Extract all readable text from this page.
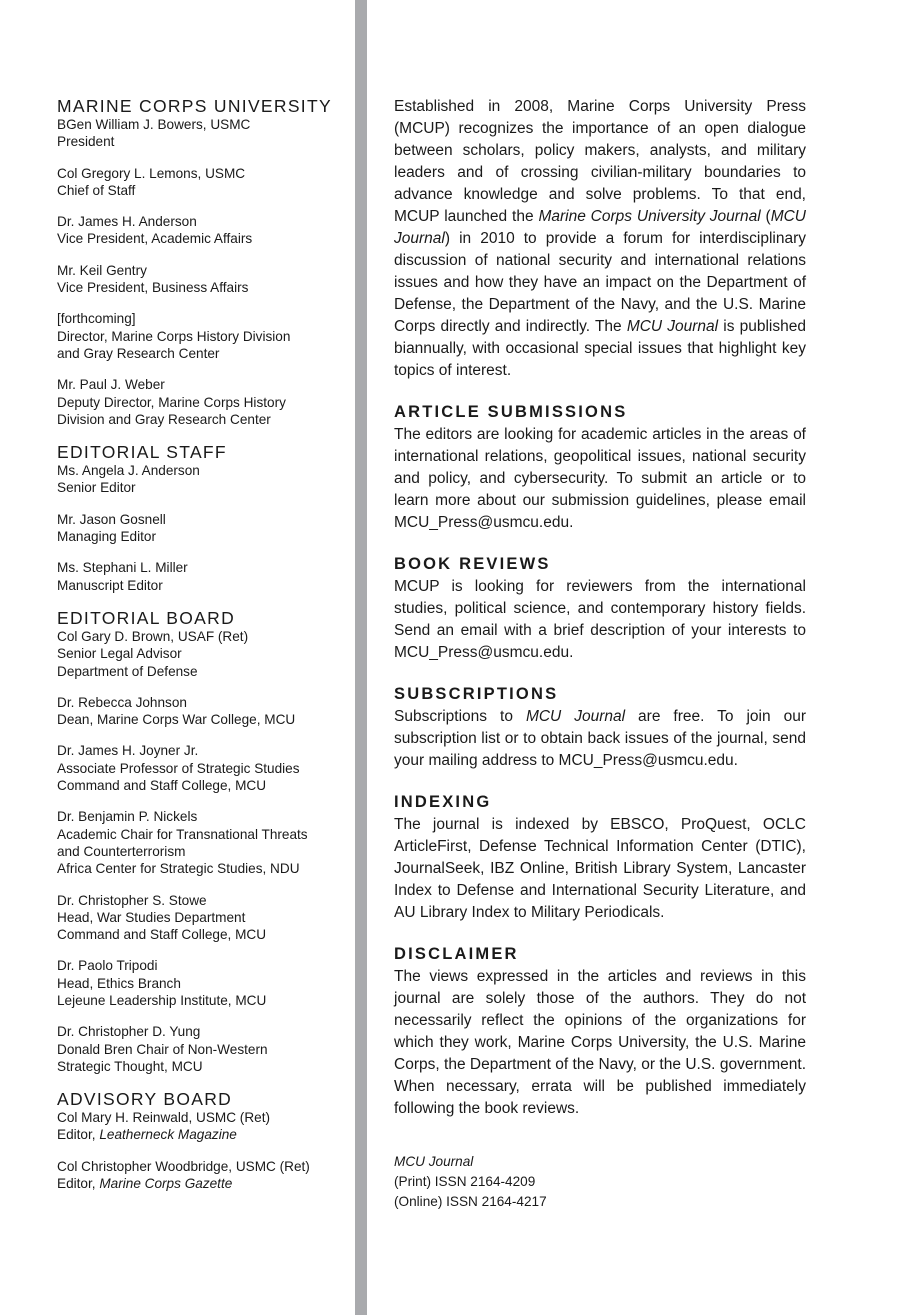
MARINE CORPS UNIVERSITY
BGen William J. Bowers, USMC
President
Col Gregory L. Lemons, USMC
Chief of Staff
Dr. James H. Anderson
Vice President, Academic Affairs
Mr. Keil Gentry
Vice President, Business Affairs
[forthcoming]
Director, Marine Corps History Division
and Gray Research Center
Mr. Paul J. Weber
Deputy Director, Marine Corps History
Division and Gray Research Center
EDITORIAL STAFF
Ms. Angela J. Anderson
Senior Editor
Mr. Jason Gosnell
Managing Editor
Ms. Stephani L. Miller
Manuscript Editor
EDITORIAL BOARD
Col Gary D. Brown, USAF (Ret)
Senior Legal Advisor
Department of Defense
Dr. Rebecca Johnson
Dean, Marine Corps War College, MCU
Dr. James H. Joyner Jr.
Associate Professor of Strategic Studies
Command and Staff College, MCU
Dr. Benjamin P. Nickels
Academic Chair for Transnational Threats
and Counterterrorism
Africa Center for Strategic Studies, NDU
Dr. Christopher S. Stowe
Head, War Studies Department
Command and Staff College, MCU
Dr. Paolo Tripodi
Head, Ethics Branch
Lejeune Leadership Institute, MCU
Dr. Christopher D. Yung
Donald Bren Chair of Non-Western
Strategic Thought, MCU
ADVISORY BOARD
Col Mary H. Reinwald, USMC (Ret)
Editor, Leatherneck Magazine
Col Christopher Woodbridge, USMC (Ret)
Editor, Marine Corps Gazette

Established in 2008, Marine Corps University Press (MCUP) recognizes the importance of an open dialogue between scholars, policy makers, analysts, and military leaders and of crossing civilian-military boundaries to advance knowledge and solve problems. To that end, MCUP launched the Marine Corps University Journal (MCU Journal) in 2010 to provide a forum for interdisciplinary discussion of national security and international relations issues and how they have an impact on the Department of Defense, the Department of the Navy, and the U.S. Marine Corps directly and indirectly. The MCU Journal is published biannually, with occasional special issues that highlight key topics of interest.

ARTICLE SUBMISSIONS

The editors are looking for academic articles in the areas of international relations, geopolitical issues, national security and policy, and cybersecurity. To submit an article or to learn more about our submission guidelines, please email MCU_Press@usmcu.edu.

BOOK REVIEWS

MCUP is looking for reviewers from the international studies, political science, and contemporary history fields. Send an email with a brief description of your interests to MCU_Press@usmcu.edu.

SUBSCRIPTIONS

Subscriptions to MCU Journal are free. To join our subscription list or to obtain back issues of the journal, send your mailing address to MCU_Press@usmcu.edu.

INDEXING

The journal is indexed by EBSCO, ProQuest, OCLC ArticleFirst, Defense Technical Information Center (DTIC), JournalSeek, IBZ Online, British Library System, Lancaster Index to Defense and International Security Literature, and AU Library Index to Military Periodicals.

DISCLAIMER

The views expressed in the articles and reviews in this journal are solely those of the authors. They do not necessarily reflect the opinions of the organizations for which they work, Marine Corps University, the U.S. Marine Corps, the Department of the Navy, or the U.S. government. When necessary, errata will be published immediately following the book reviews.

MCU Journal
(Print) ISSN 2164-4209
(Online) ISSN 2164-4217
